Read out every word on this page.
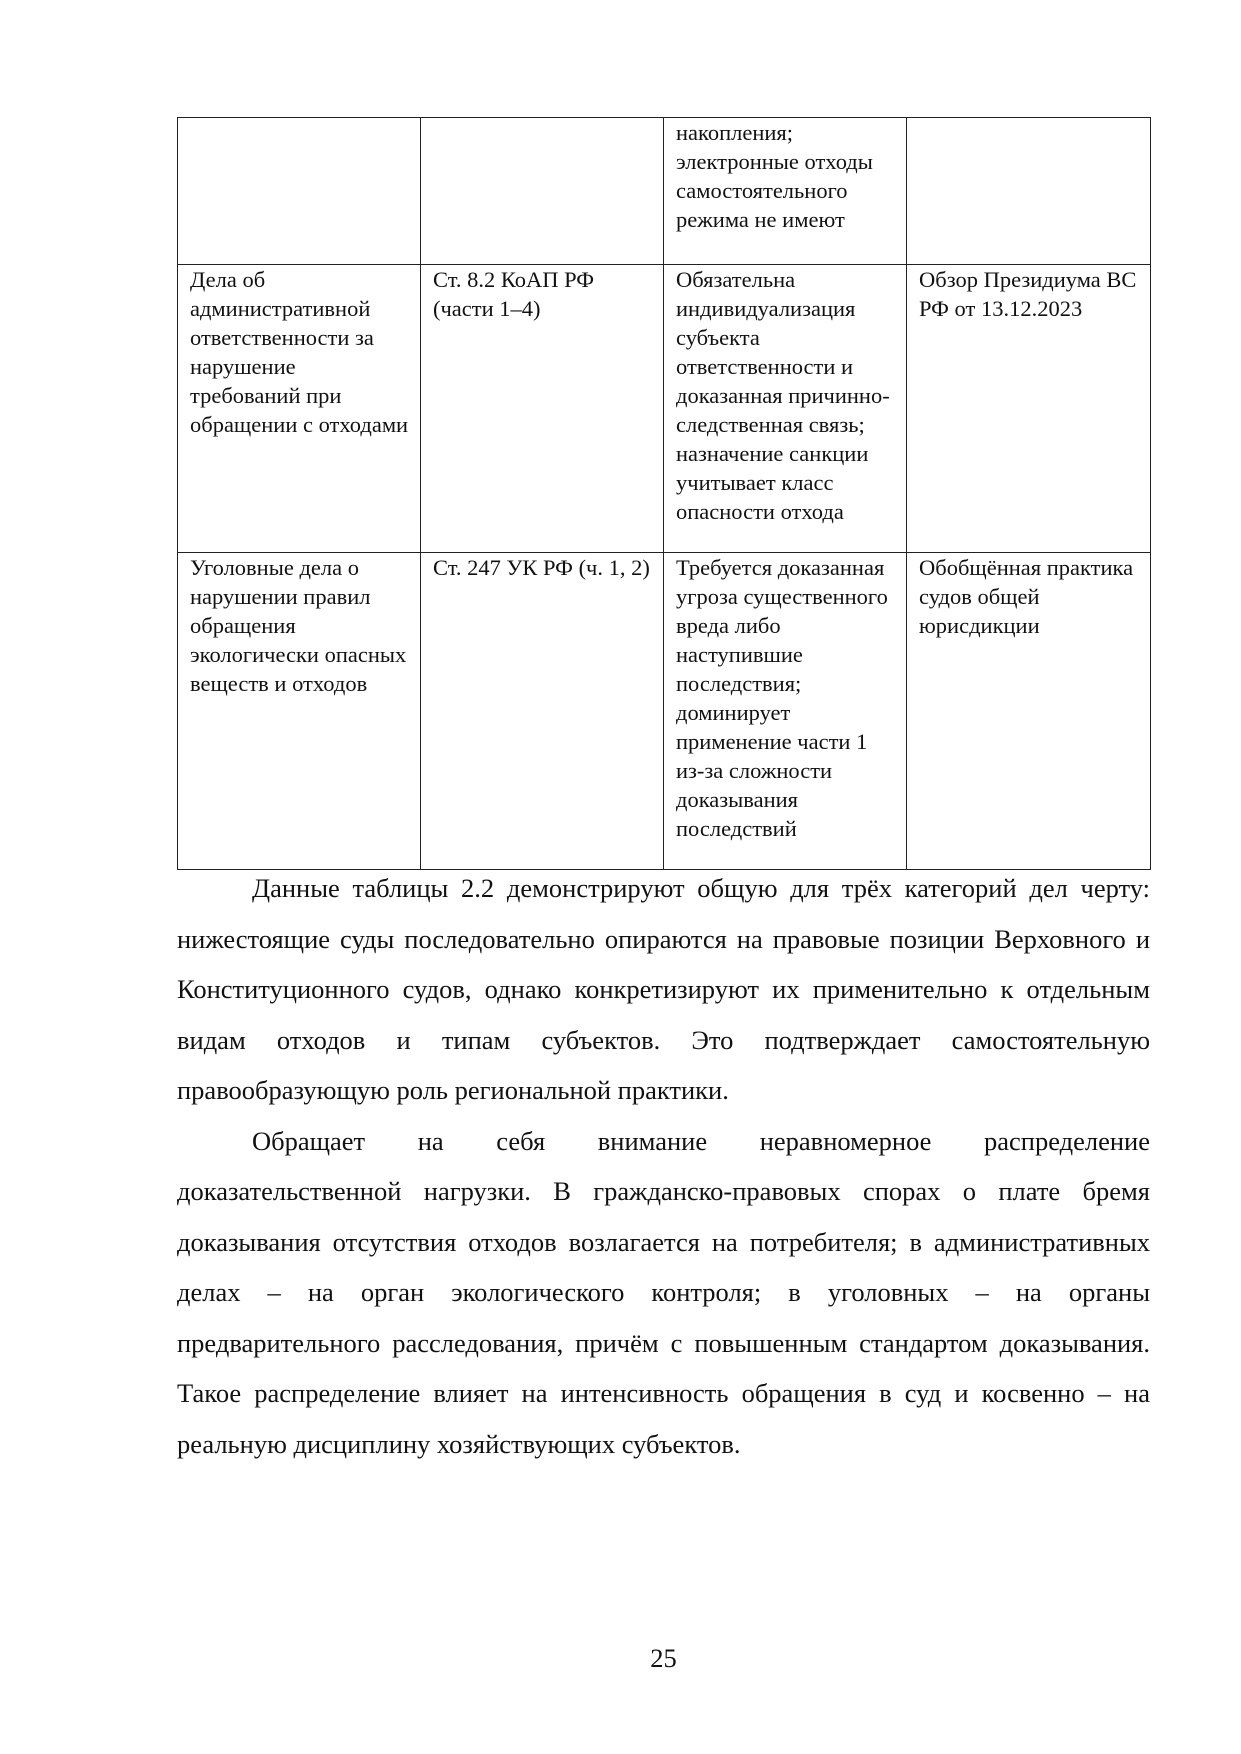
		накопления; электронные отходы самостоятельного режима не имеют	
Дела об административной ответственности за нарушение требований при обращении с отходами	Ст. 8.2 КоАП РФ (части 1–4)	Обязательна индивидуализация субъекта ответственности и доказанная причинно-следственная связь; назначение санкции учитывает класс опасности отхода	Обзор Президиума ВС РФ от 13.12.2023
Уголовные дела о нарушении правил обращения экологически опасных веществ и отходов	Ст. 247 УК РФ (ч. 1, 2)	Требуется доказанная угроза существенного вреда либо наступившие последствия; доминирует применение части 1 из-за сложности доказывания последствий	Обобщённая практика судов общей юрисдикции

Данные таблицы 2.2 демонстрируют общую для трёх категорий дел черту: нижестоящие суды последовательно опираются на правовые позиции Верховного и Конституционного судов, однако конкретизируют их применительно к отдельным видам отходов и типам субъектов. Это подтверждает самостоятельную правообразующую роль региональной практики.

Обращает на себя внимание неравномерное распределение доказательственной нагрузки. В гражданско-правовых спорах о плате бремя доказывания отсутствия отходов возлагается на потребителя; в административных делах – на орган экологического контроля; в уголовных – на органы предварительного расследования, причём с повышенным стандартом доказывания. Такое распределение влияет на интенсивность обращения в суд и косвенно – на реальную дисциплину хозяйствующих субъектов.

25
